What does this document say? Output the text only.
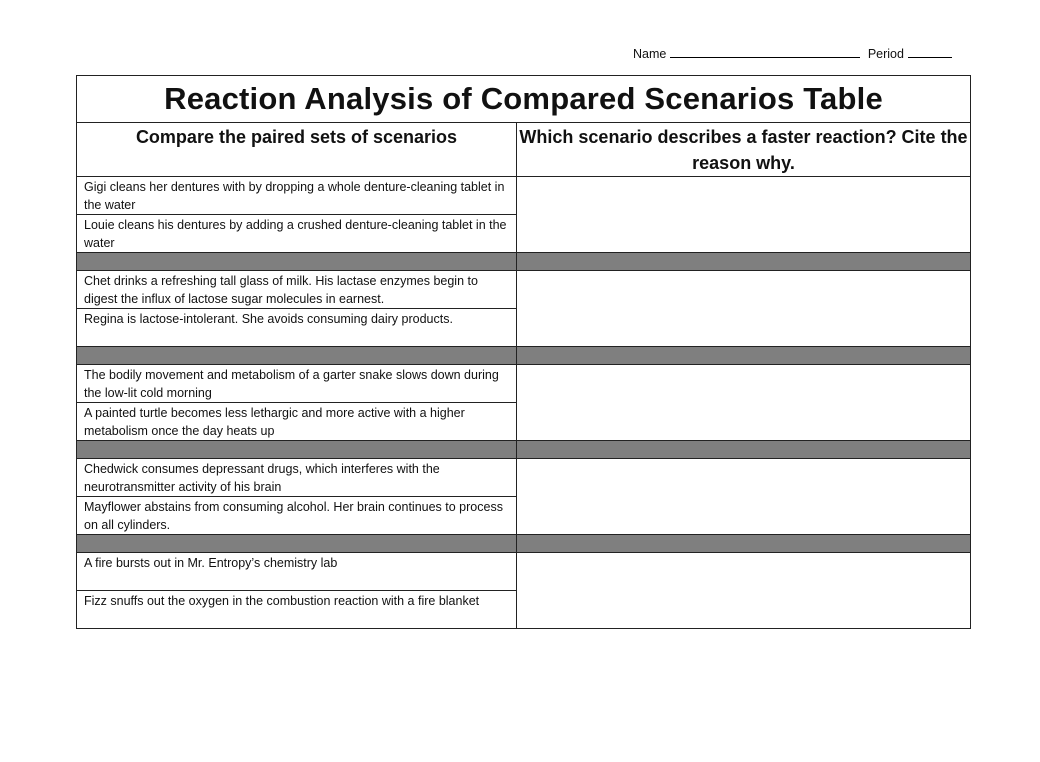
Name	Period
Reaction Analysis of Compared Scenarios Table	
Compare the paired sets of scenarios	Which scenario describes a faster reaction? Cite the reason why.
Gigi cleans her dentures with by dropping a whole denture-cleaning tablet in the water	
Louie cleans his dentures by adding a crushed denture-cleaning tablet in the water	

Chet drinks a refreshing tall glass of milk. His lactase enzymes begin to digest the influx of lactose sugar molecules in earnest.	
Regina is lactose-intolerant. She avoids consuming dairy products.	

The bodily movement and metabolism of a garter snake slows down during the low-lit cold morning	
A painted turtle becomes less lethargic and more active with a higher metabolism once the day heats up	

Chedwick consumes depressant drugs, which interferes with the neurotransmitter activity of his brain	
Mayflower abstains from consuming alcohol. Her brain continues to process on all cylinders.	

A fire bursts out in Mr. Entropy’s chemistry lab	
Fizz snuffs out the oxygen in the combustion reaction with a fire blanket	
